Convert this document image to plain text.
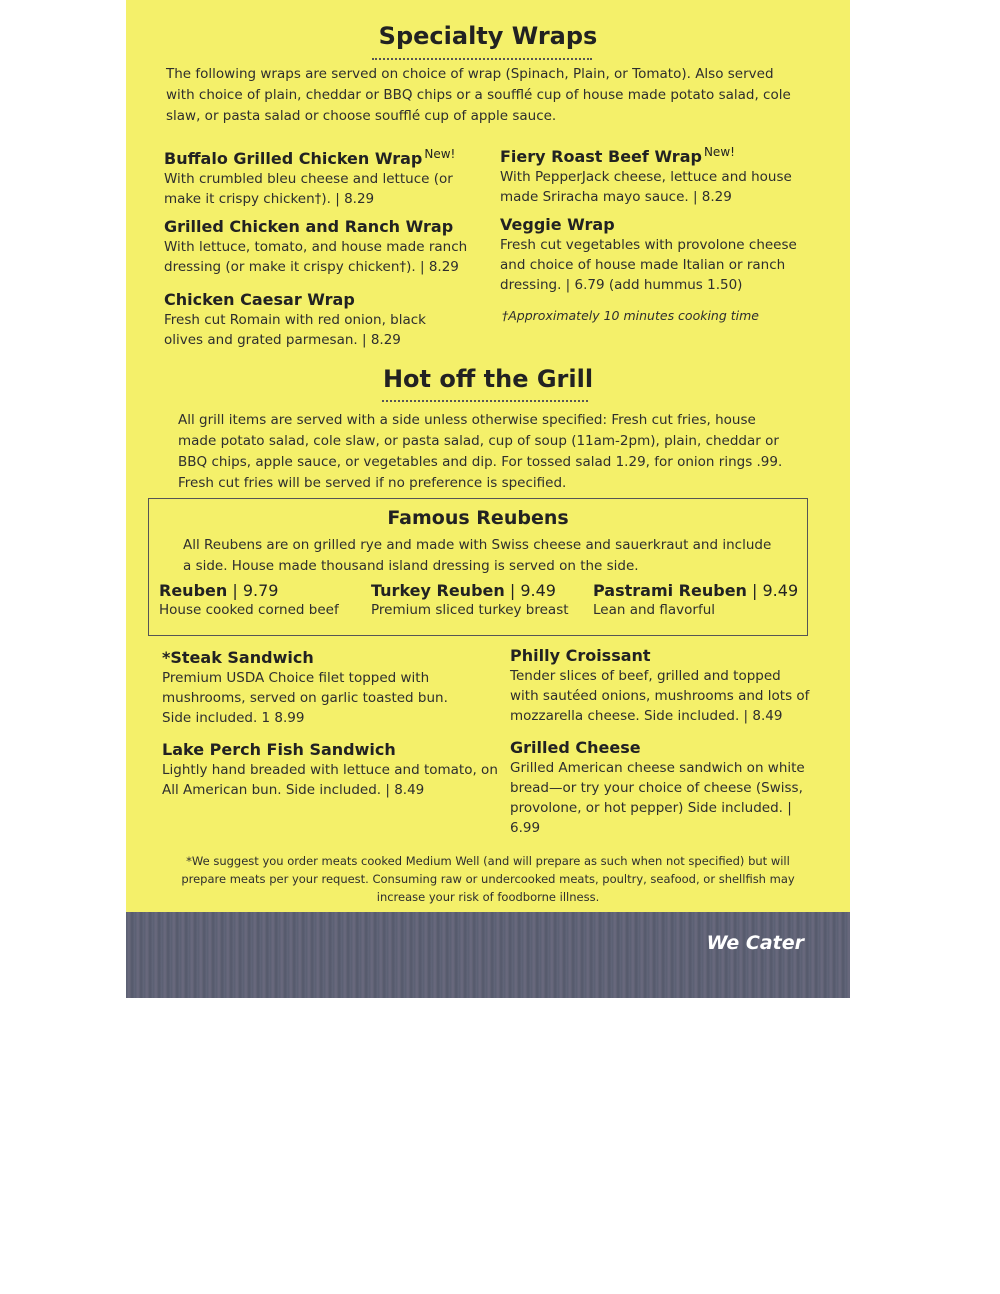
Specialty Wraps
The following wraps are served on choice of wrap (Spinach, Plain, or Tomato). Also served with choice of plain, cheddar or BBQ chips or a soufflé cup of house made potato salad, cole slaw, or pasta salad or choose soufflé cup of apple sauce.
Buffalo Grilled Chicken Wrap $^{New!}$
With crumbled bleu cheese and lettuce (or make it crispy chicken†). | 8.29
Grilled Chicken and Ranch Wrap
With lettuce, tomato, and house made ranch dressing (or make it crispy chicken†). | 8.29
Chicken Caesar Wrap
Fresh cut Romain with red onion, black olives and grated parmesan. | 8.29
Fiery Roast Beef Wrap $^{New!}$
With PepperJack cheese, lettuce and house made Sriracha mayo sauce. | 8.29
Veggie Wrap
Fresh cut vegetables with provolone cheese and choice of house made Italian or ranch dressing. | 6.79 (add hummus 1.50)
†Approximately 10 minutes cooking time
Hot off the Grill
All grill items are served with a side unless otherwise specified: Fresh cut fries, house made potato salad, cole slaw, or pasta salad, cup of soup (11am-2pm), plain, cheddar or BBQ chips, apple sauce, or vegetables and dip. For tossed salad 1.29, for onion rings .99. Fresh cut fries will be served if no preference is specified.
Famous Reubens
All Reubens are on grilled rye and made with Swiss cheese and sauerkraut and include a side. House made thousand island dressing is served on the side.
Reuben | 9.79
House cooked corned beef
Turkey Reuben | 9.49
Premium sliced turkey breast
Pastrami Reuben | 9.49
Lean and flavorful
*Steak Sandwich
Premium USDA Choice filet topped with mushrooms, served on garlic toasted bun. Side included. 1 8.99
Lake Perch Fish Sandwich
Lightly hand breaded with lettuce and tomato, on All American bun. Side included. | 8.49
Philly Croissant
Tender slices of beef, grilled and topped with sautéed onions, mushrooms and lots of mozzarella cheese. Side included. | 8.49
Grilled Cheese
Grilled American cheese sandwich on white bread—or try your choice of cheese (Swiss, provolone, or hot pepper) Side included. | 6.99
*We suggest you order meats cooked Medium Well (and will prepare as such when not specified) but will prepare meats per your request. Consuming raw or undercooked meats, poultry, seafood, or shellfish may increase your risk of foodborne illness.
We Cater
